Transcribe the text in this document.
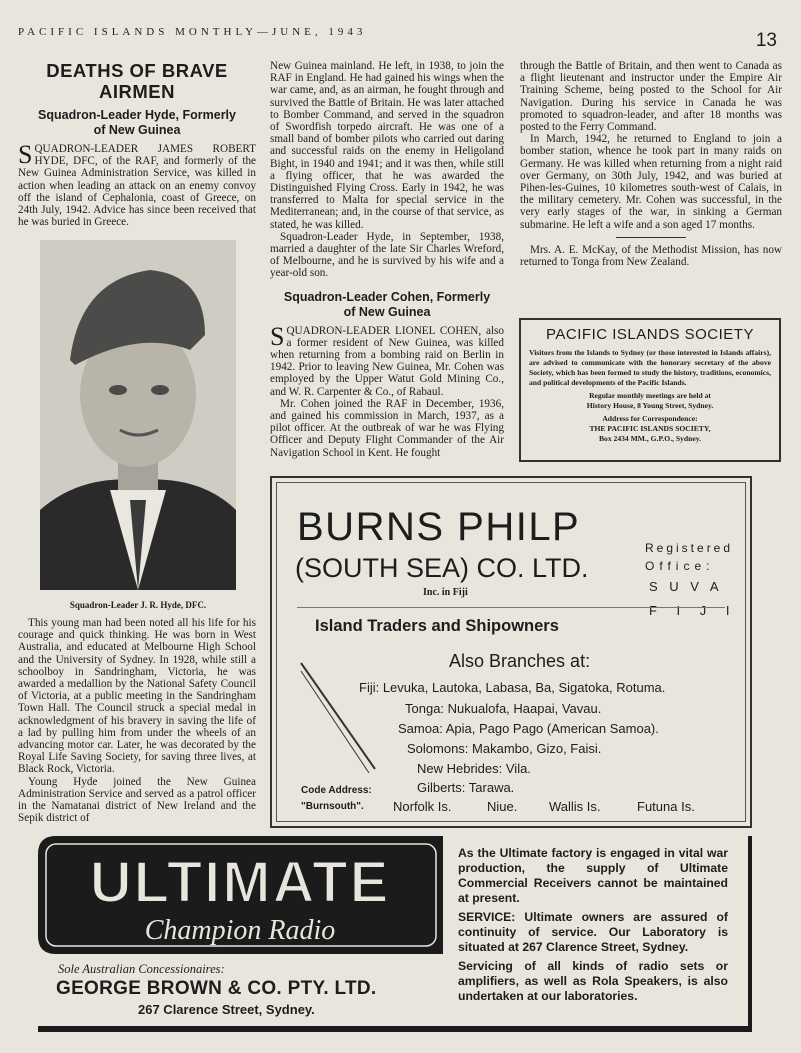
PACIFIC ISLANDS MONTHLY—JUNE, 1943	13
DEATHS OF BRAVE
AIRMEN
Squadron-Leader Hyde, Formerly
of New Guinea
SQUADRON-LEADER JAMES ROBERT HYDE, DFC, of the RAF, and formerly of the New Guinea Administration Service, was killed in action when leading an attack on an enemy convoy off the island of Cephalonia, coast of Greece, on 24th July, 1942. Advice has since been received that he was buried in Greece.
Squadron-Leader J. R. Hyde, DFC.

This young man had been noted all his life for his courage and quick thinking. He was born in West Australia, and educated at Melbourne High School and the University of Sydney. In 1928, while still a schoolboy in Sandringham, Victoria, he was awarded a medallion by the National Safety Council of Victoria, at a public meeting in the Sandringham Town Hall. The Council struck a special medal in acknowledgment of his bravery in saving the life of a lad by pulling him from under the wheels of an advancing motor car. Later, he was decorated by the Royal Life Saving Society, for saving three lives, at Black Rock, Victoria.

Young Hyde joined the New Guinea Administration Service and served as a patrol officer in the Namatanai district of New Ireland and the Sepik district of

New Guinea mainland. He left, in 1938, to join the RAF in England. He had gained his wings when the war came, and, as an airman, he fought through and survived the Battle of Britain. He was later attached to Bomber Command, and served in the squadron of Swordfish torpedo aircraft. He was one of a small band of bomber pilots who carried out daring and successful raids on the enemy in Heligoland Bight, in 1940 and 1941; and it was then, while still a flying officer, that he was awarded the Distinguished Flying Cross. Early in 1942, he was transferred to Malta for special service in the Mediterranean; and, in the course of that service, as stated, he was killed.

Squadron-Leader Hyde, in September, 1938, married a daughter of the late Sir Charles Wreford, of Melbourne, and he is survived by his wife and a year-old son.

Squadron-Leader Cohen, Formerly
of New Guinea

SQUADRON-LEADER LIONEL COHEN, also a former resident of New Guinea, was killed when returning from a bombing raid on Berlin in 1942. Prior to leaving New Guinea, Mr. Cohen was employed by the Upper Watut Gold Mining Co., and W. R. Carpenter & Co., of Rabaul.

Mr. Cohen joined the RAF in December, 1936, and gained his commission in March, 1937, as a pilot officer. At the outbreak of war he was Flying Officer and Deputy Flight Commander of the Air Navigation School in Kent. He fought

through the Battle of Britain, and then went to Canada as a flight lieutenant and instructor under the Empire Air Training Scheme, being posted to the School for Air Navigation. During his service in Canada he was promoted to squadron-leader, and after 18 months was posted to the Ferry Command.

In March, 1942, he returned to England to join a bomber station, whence he took part in many raids on Germany. He was killed when returning from a night raid over Germany, on 30th July, 1942, and was buried at Pihen-les-Guines, 10 kilometres south-west of Calais, in the military cemetery. Mr. Cohen was successful, in the very early stages of the war, in sinking a German submarine. He left a wife and a son aged 17 months.

Mrs. A. E. McKay, of the Methodist Mission, has now returned to Tonga from New Zealand.

PACIFIC ISLANDS SOCIETY
Visitors from the Islands to Sydney (or those interested in Islands affairs), are advised to communicate with the honorary secretary of the above Society, which has been formed to study the history, traditions, economics, and political developments of the Pacific Islands.
Regular monthly meetings are held at
History House, 8 Young Street, Sydney.
Address for Correspondence:
THE PACIFIC ISLANDS SOCIETY,
Box 2434 MM., G.P.O., Sydney.
BURNS PHILP
(SOUTH SEA) CO. LTD.
Inc. in Fiji
Registered
Office:
S U V A
F I J I
Island Traders and Shipowners
Also Branches at:
Fiji: Levuka, Lautoka, Labasa, Ba, Sigatoka, Rotuma.
Tonga: Nukualofa, Haapai, Vavau.
Samoa: Apia, Pago Pago (American Samoa).
Solomons: Makambo, Gizo, Faisi.
New Hebrides: Vila.
Gilberts: Tarawa.
Code Address:
"Burnsouth". Norfolk Is.	Niue. Wallis Is.	Futuna Is.
ULTIMATE
Champion Radio
Sole Australian Concessionaires:
GEORGE BROWN & CO. PTY. LTD.
267 Clarence Street, Sydney.
As the Ultimate factory is engaged in vital war production, the supply of Ultimate Commercial Receivers cannot be maintained at present.
SERVICE: Ultimate owners are assured of continuity of service. Our Laboratory is situated at 267 Clarence Street, Sydney.
Servicing of all kinds of radio sets or amplifiers, as well as Rola Speakers, is also undertaken at our laboratories.
